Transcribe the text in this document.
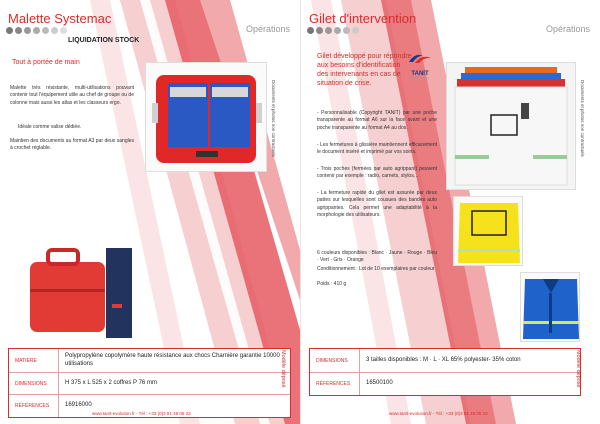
Malette Systemac
Opérations
LIQUIDATION STOCK
Tout à portée de main
Malette très résistante, multi-utilisations pouvant contenir tout l'équipement utile au chef de groupe ou de colonne mais aussi les atlas et les classeurs ergo.
Idéale comme valise dédiée.
Maintien des documents au format A3 par deux sangles à crochet réglable.	Documents et photos non contractuels
MATIÈRE
Polypropylène copolymère haute résistance aux chocs Charnière garantie 10000 utilisations
DIMENSIONS	H 375 x L 525 x 2 coffres P 76 mm
RÉFÉRENCES	16916000
Modèle déposé
www.tanit-evolution.fr - Tél : +33 (0)3 81 48 05 23
Gilet d'intervention
Opérations
Gilet développé pour répondre aux besoins d'identification des intervenants en cas de situation de crise.
TANIT
EVOLUTION
- Personnalisable (Copyright TANIT) par une poche transparente au format A6 sur la face avant et une poche transparente au format A4 au dos.
- Les fermetures à glissière maintiennent efficacement le document inséré et imprimé par vos soins.
- Trois poches (fermées par auto agrippant) peuvent contenir par exemple : radio, carnets, stylos…
- La fermeture rapide du gilet est assurée par deux pattes sur lesquelles sont cousues des bandes auto agrippantes. Cela permet une adaptabilité à la morphologie des utilisateurs.
6 couleurs disponibles : Blanc · Jaune · Rouge · Bleu · Vert · Gris · Orange
Conditionnement : Lot de 10 exemplaires par couleur
Poids : 410 g
Documents et photos non contractuels
DIMENSIONS	3 tailles disponibles : M · L · XL 65% polyester- 35% coton
RÉFÉRENCES	16500100	Modèle déposé
www.tanit-evolution.fr - Tél : +33 (0)3 81 48 05 23
